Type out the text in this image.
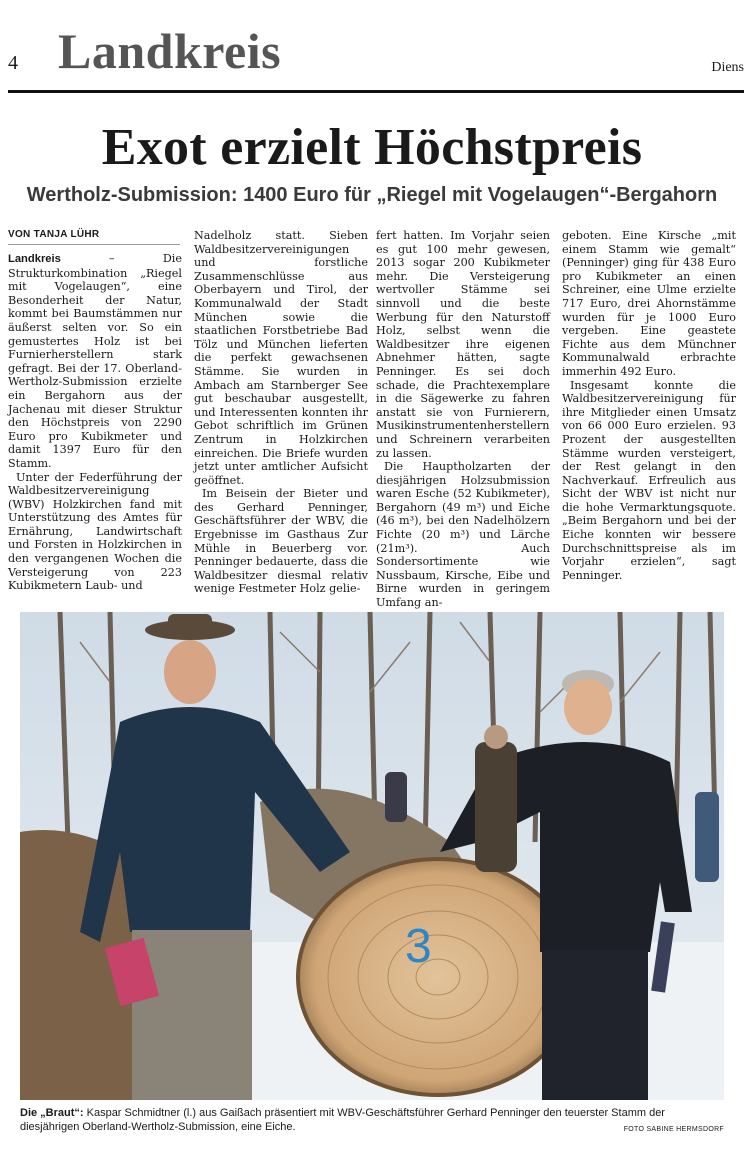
4 Landkreis	Diens
Exot erzielt Höchstpreis
Wertholz-Submission: 1400 Euro für „Riegel mit Vogelaugen“-Bergahorn
VON TANJA LÜHR

Landkreis – Die Strukturkombination „Riegel mit Vogelaugen“, eine Besonderheit der Natur, kommt bei Baumstämmen nur äußerst selten vor. So ein gemustertes Holz ist bei Furnierherstellern stark gefragt. Bei der 17. Oberland-Wertholz-Submission erzielte ein Bergahorn aus der Jachenau mit dieser Struktur den Höchstpreis von 2290 Euro pro Kubikmeter und damit 1397 Euro für den Stamm.

Unter der Federführung der Waldbesitzervereinigung (WBV) Holzkirchen fand mit Unterstützung des Amtes für Ernährung, Landwirtschaft und Forsten in Holzkirchen in den vergangenen Wochen die Versteigerung von 223 Kubikmetern Laub- und

Nadelholz statt. Sieben Waldbesitzervereinigungen und forstliche Zusammenschlüsse aus Oberbayern und Tirol, der Kommunalwald der Stadt München sowie die staatlichen Forstbetriebe Bad Tölz und München lieferten die perfekt gewachsenen Stämme. Sie wurden in Ambach am Starnberger See gut beschaubar ausgestellt, und Interessenten konnten ihr Gebot schriftlich im Grünen Zentrum in Holzkirchen einreichen. Die Briefe wurden jetzt unter amtlicher Aufsicht geöffnet.

Im Beisein der Bieter und des Gerhard Penninger, Geschäftsführer der WBV, die Ergebnisse im Gasthaus Zur Mühle in Beuerberg vor. Penninger bedauerte, dass die Waldbesitzer diesmal relativ wenige Festmeter Holz gelie-

fert hatten. Im Vorjahr seien es gut 100 mehr gewesen, 2013 sogar 200 Kubikmeter mehr. Die Versteigerung wertvoller Stämme sei sinnvoll und die beste Werbung für den Naturstoff Holz, selbst wenn die Waldbesitzer ihre eigenen Abnehmer hätten, sagte Penninger. Es sei doch schade, die Prachtexemplare in die Sägewerke zu fahren anstatt sie von Furnierern, Musikinstrumentenherstellern und Schreinern verarbeiten zu lassen.

Die Hauptholzarten der diesjährigen Holzsubmission waren Esche (52 Kubikmeter), Bergahorn (49 m³) und Eiche (46 m³), bei den Nadelhölzern Fichte (20 m³) und Lärche (21m³). Auch Sondersortimente wie Nussbaum, Kirsche, Eibe und Birne wurden in geringem Umfang an-

geboten. Eine Kirsche „mit einem Stamm wie gemalt“ (Penninger) ging für 438 Euro pro Kubikmeter an einen Schreiner, eine Ulme erzielte 717 Euro, drei Ahornstämme wurden für je 1000 Euro vergeben. Eine geastete Fichte aus dem Münchner Kommunalwald erbrachte immerhin 492 Euro.

Insgesamt konnte die Waldbesitzervereinigung für ihre Mitglieder einen Umsatz von 66 000 Euro erzielen. 93 Prozent der ausgestellten Stämme wurden versteigert, der Rest gelangt in den Nachverkauf. Erfreulich aus Sicht der WBV ist nicht nur die hohe Vermarktungsquote. „Beim Bergahorn und bei der Eiche konnten wir bessere Durchschnittspreise als im Vorjahr erzielen“, sagt Penninger.

3
Die „Braut“: Kaspar Schmidtner (l.) aus Gaißach präsentiert mit WBV-Geschäftsführer Gerhard Penninger den teuerster Stamm der diesjährigen Oberland-Wertholz-Submission, eine Eiche.	FOTO SABINE HERMSDORF
